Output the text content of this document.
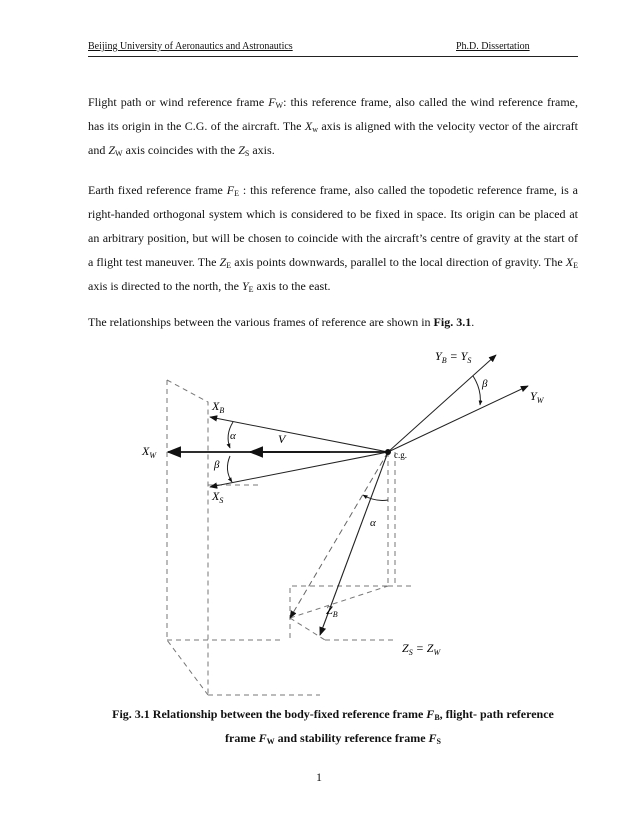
Beijing University of Aeronautics and Astronautics	Ph.D. Dissertation

Flight path or wind reference frame $F_W$: this reference frame, also called the wind reference frame, has its origin in the C.G. of the aircraft. The $X_w$ axis is aligned with the velocity vector of the aircraft and $Z_W$ axis coincides with the $Z_S$ axis.

Earth fixed reference frame $F_E$ : this reference frame, also called the topodetic reference frame, is a right-handed orthogonal system which is considered to be fixed in space. Its origin can be placed at an arbitrary position, but will be chosen to coincide with the aircraft’s centre of gravity at the start of a flight test maneuver. The $Z_E$ axis points downwards, parallel to the local direction of gravity. The $X_E$ axis is directed to the north, the $Y_E$ axis to the east.

The relationships between the various frames of reference are shown in Fig. 3.1.

$Y_B = Y_S$
$Y_W$
β
$X_B$
V
α
$X_W$	c.g.
β
$X_S$
α
$Z_B$
$Z_S = Z_W$

Fig. 3.1 Relationship between the body-fixed reference frame $F_B$, flight- path reference
frame $F_W$ and stability reference frame $F_S$

1
